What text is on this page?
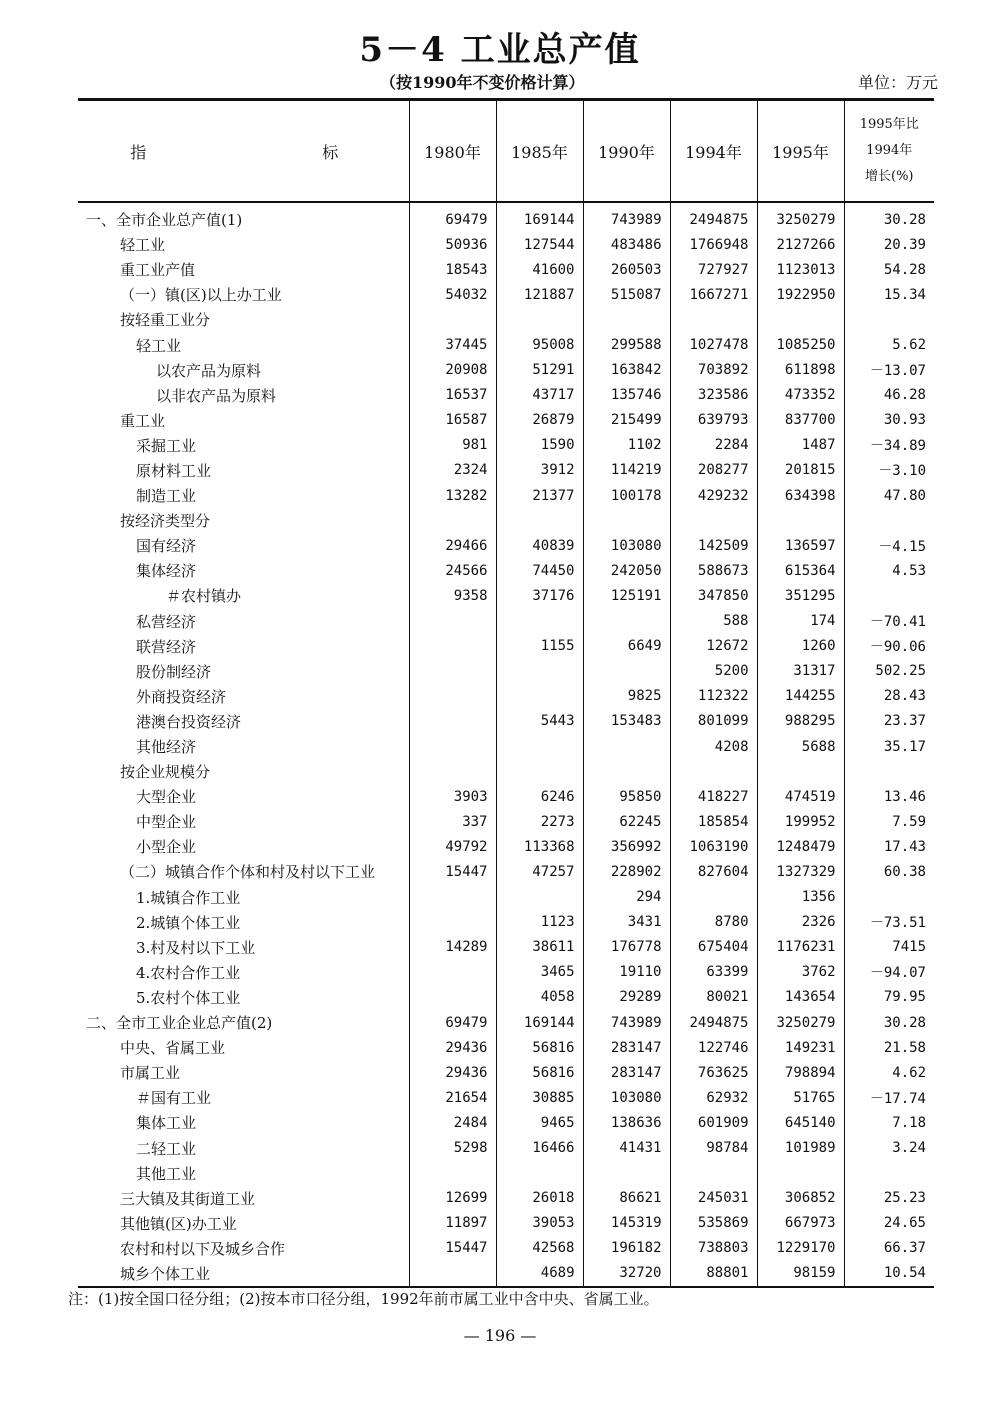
5－4 工业总产值
（按1990年不变价格计算）	单位：万元
指　　标	1980年	1985年	1990年	1994年	1995年	1995年比
1994年
增长(%)

一、全市企业总产值(1)	69479	169144	743989	2494875	3250279	30.28
轻工业	50936	127544	483486	1766948	2127266	20.39
重工业产值	18543	41600	260503	727927	1123013	54.28
（一）镇(区)以上办工业	54032	121887	515087	1667271	1922950	15.34
按轻重工业分						
轻工业	37445	95008	299588	1027478	1085250	5.62
以农产品为原料	20908	51291	163842	703892	611898	－13.07
以非农产品为原料	16537	43717	135746	323586	473352	46.28
重工业	16587	26879	215499	639793	837700	30.93
采掘工业	981	1590	1102	2284	1487	－34.89
原材料工业	2324	3912	114219	208277	201815	－3.10
制造工业	13282	21377	100178	429232	634398	47.80
按经济类型分						
国有经济	29466	40839	103080	142509	136597	－4.15
集体经济	24566	74450	242050	588673	615364	4.53
＃农村镇办	9358	37176	125191	347850	351295	
私营经济				588	174	－70.41
联营经济		1155	6649	12672	1260	－90.06
股份制经济				5200	31317	502.25
外商投资经济			9825	112322	144255	28.43
港澳台投资经济		5443	153483	801099	988295	23.37
其他经济				4208	5688	35.17
按企业规模分						
大型企业	3903	6246	95850	418227	474519	13.46
中型企业	337	2273	62245	185854	199952	7.59
小型企业	49792	113368	356992	1063190	1248479	17.43
（二）城镇合作个体和村及村以下工业	15447	47257	228902	827604	1327329	60.38
1.城镇合作工业			294		1356	
2.城镇个体工业		1123	3431	8780	2326	－73.51
3.村及村以下工业	14289	38611	176778	675404	1176231	7415
4.农村合作工业		3465	19110	63399	3762	－94.07
5.农村个体工业		4058	29289	80021	143654	79.95
二、全市工业企业总产值(2)	69479	169144	743989	2494875	3250279	30.28
中央、省属工业	29436	56816	283147	122746	149231	21.58
市属工业	29436	56816	283147	763625	798894	4.62
＃国有工业	21654	30885	103080	62932	51765	－17.74
集体工业	2484	9465	138636	601909	645140	7.18
二轻工业	5298	16466	41431	98784	101989	3.24
其他工业						
三大镇及其街道工业	12699	26018	86621	245031	306852	25.23
其他镇(区)办工业	11897	39053	145319	535869	667973	24.65
农村和村以下及城乡合作	15447	42568	196182	738803	1229170	66.37
城乡个体工业		4689	32720	88801	98159	10.54
注：(1)按全国口径分组；(2)按本市口径分组，1992年前市属工业中含中央、省属工业。
— 196 —
